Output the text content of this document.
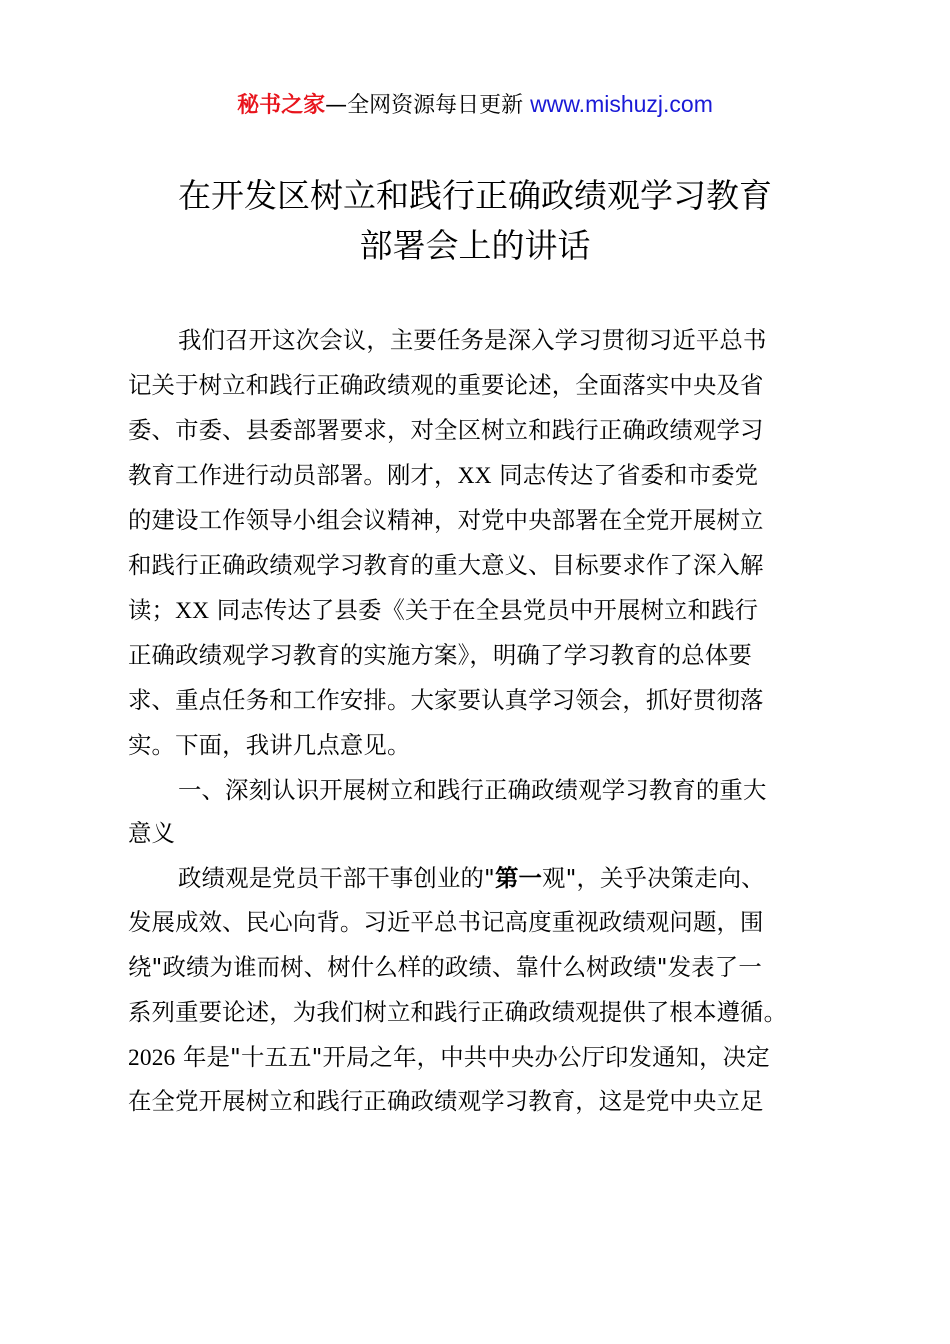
秘书之家—全网资源每日更新 www.mishuzj.com
在开发区树立和践行正确政绩观学习教育
部署会上的讲话
我们召开这次会议，主要任务是深入学习贯彻习近平总书
记关于树立和践行正确政绩观的重要论述，全面落实中央及省
委、市委、县委部署要求，对全区树立和践行正确政绩观学习
教育工作进行动员部署。刚才，XX 同志传达了省委和市委党
的建设工作领导小组会议精神，对党中央部署在全党开展树立
和践行正确政绩观学习教育的重大意义、目标要求作了深入解
读；XX 同志传达了县委《关于在全县党员中开展树立和践行
正确政绩观学习教育的实施方案》，明确了学习教育的总体要
求、重点任务和工作安排。大家要认真学习领会，抓好贯彻落
实。下面，我讲几点意见。
一、深刻认识开展树立和践行正确政绩观学习教育的重大
意义
政绩观是党员干部干事创业的"第一观"，关乎决策走向、
发展成效、民心向背。习近平总书记高度重视政绩观问题，围
绕"政绩为谁而树、树什么样的政绩、靠什么树政绩"发表了一
系列重要论述，为我们树立和践行正确政绩观提供了根本遵循。
2026 年是"十五五"开局之年，中共中央办公厅印发通知，决定
在全党开展树立和践行正确政绩观学习教育，这是党中央立足
